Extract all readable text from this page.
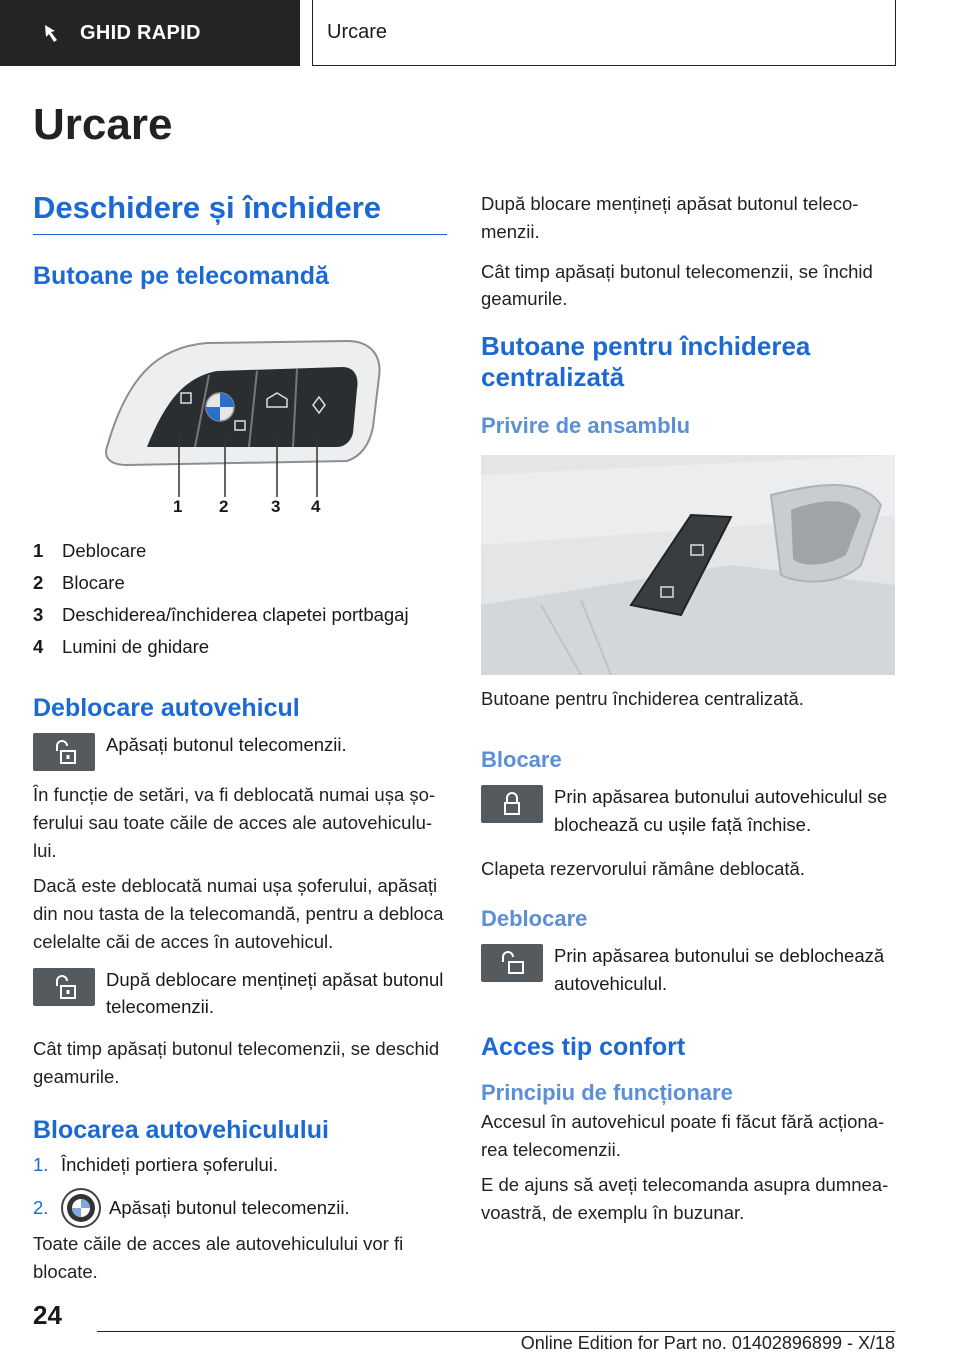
GHID RAPID	Urcare
Urcare
Deschidere și închidere
Butoane pe telecomandă
1 2	3 4
1	Deblocare
2	Blocare
3	Deschiderea/închiderea clapetei portbagaj
4	Lumini de ghidare
Deblocare autovehicul
Apăsați butonul telecomenzii.

În funcție de setări, va fi deblocată numai ușa șoferului sau toate căile de acces ale autovehiculului.

Dacă este deblocată numai ușa șoferului, apăsați din nou tasta de la telecomandă, pentru a debloca celelalte căi de acces în autovehicul.

După deblocare mențineți apăsat butonul telecomenzii.

Cât timp apăsați butonul telecomenzii, se deschid geamurile.

Blocarea autovehiculului
1. Închideți portiera șoferului.
2.	Apăsați butonul telecomenzii.

Toate căile de acces ale autovehiculului vor fi blocate.

După blocare mențineți apăsat butonul telecomenzii.

Cât timp apăsați butonul telecomenzii, se închid geamurile.

Butoane pentru închiderea centralizată
Privire de ansamblu

Butoane pentru închiderea centralizată.

Blocare
Prin apăsarea butonului autovehiculul se blochează cu ușile față închise.

Clapeta rezervorului rămâne deblocată.

Deblocare
Prin apăsarea butonului se deblochează autovehiculul.
Acces tip confort
Principiu de funcționare

Accesul în autovehicul poate fi făcut fără acționarea telecomenzii.

E de ajuns să aveți telecomanda asupra dumneavoastră, de exemplu în buzunar.

24
Online Edition for Part no. 01402896899 - X/18
